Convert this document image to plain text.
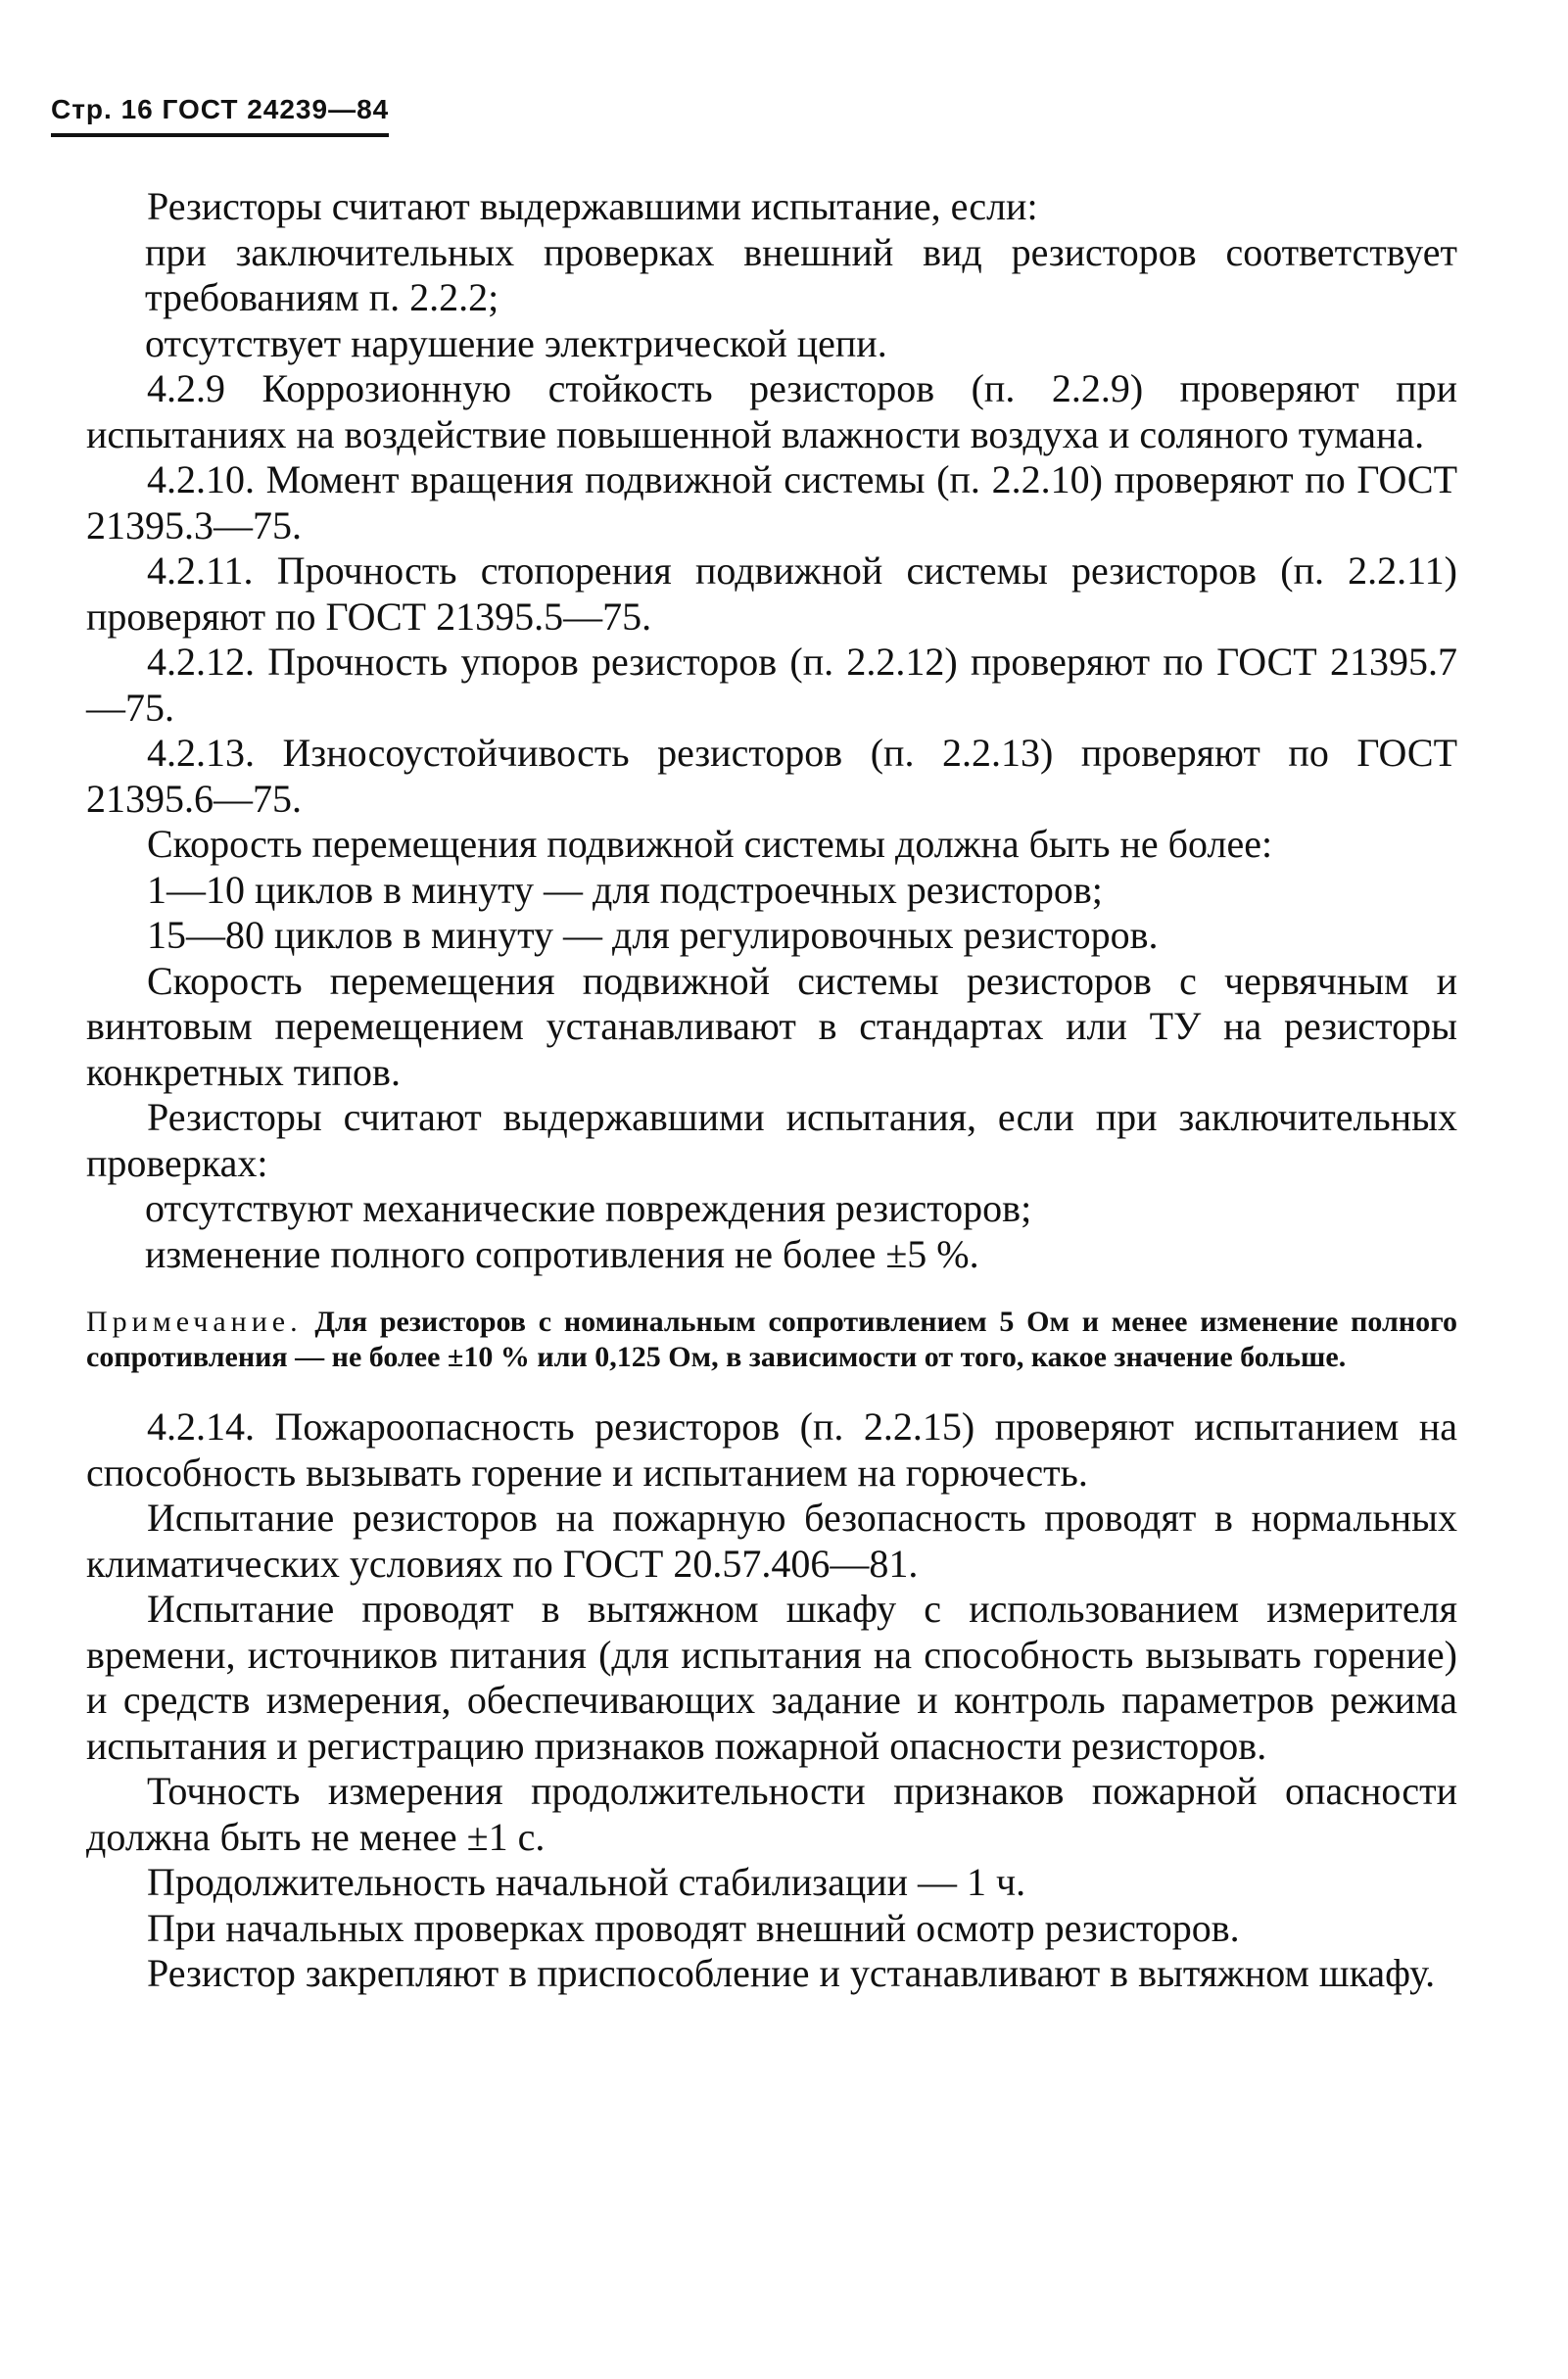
Стр. 16 ГОСТ 24239—84

Резисторы считают выдержавшими испытание, если:

при заключительных проверках внешний вид резисторов соответствует требованиям п. 2.2.2;

отсутствует нарушение электрической цепи.

4.2.9 Коррозионную стойкость резисторов (п. 2.2.9) проверяют при испытаниях на воздействие повышенной влажности воздуха и соляного тумана.

4.2.10. Момент вращения подвижной системы (п. 2.2.10) проверяют по ГОСТ 21395.3—75.

4.2.11. Прочность стопорения подвижной системы резисторов (п. 2.2.11) проверяют по ГОСТ 21395.5—75.

4.2.12. Прочность упоров резисторов (п. 2.2.12) проверяют по ГОСТ 21395.7—75.

4.2.13. Износоустойчивость резисторов (п. 2.2.13) проверяют по ГОСТ 21395.6—75.

Скорость перемещения подвижной системы должна быть не более:

1—10 циклов в минуту — для подстроечных резисторов;

15—80 циклов в минуту — для регулировочных резисторов.

Скорость перемещения подвижной системы резисторов с червячным и винтовым перемещением устанавливают в стандартах или ТУ на резисторы конкретных типов.

Резисторы считают выдержавшими испытания, если при заключительных проверках:

отсутствуют механические повреждения резисторов;

изменение полного сопротивления не более ±5 %.

Примечание. Для резисторов с номинальным сопротивлением 5 Ом и менее изменение полного сопротивления — не более ±10 % или 0,125 Ом, в зависимости от того, какое значение больше.

4.2.14. Пожароопасность резисторов (п. 2.2.15) проверяют испытанием на способность вызывать горение и испытанием на горючесть.

Испытание резисторов на пожарную безопасность проводят в нормальных климатических условиях по ГОСТ 20.57.406—81.

Испытание проводят в вытяжном шкафу с использованием измерителя времени, источников питания (для испытания на способность вызывать горение) и средств измерения, обеспечивающих задание и контроль параметров режима испытания и регистрацию признаков пожарной опасности резисторов.

Точность измерения продолжительности признаков пожарной опасности должна быть не менее ±1 с.

Продолжительность начальной стабилизации — 1 ч.

При начальных проверках проводят внешний осмотр резисторов.

Резистор закрепляют в приспособление и устанавливают в вытяжном шкафу.
